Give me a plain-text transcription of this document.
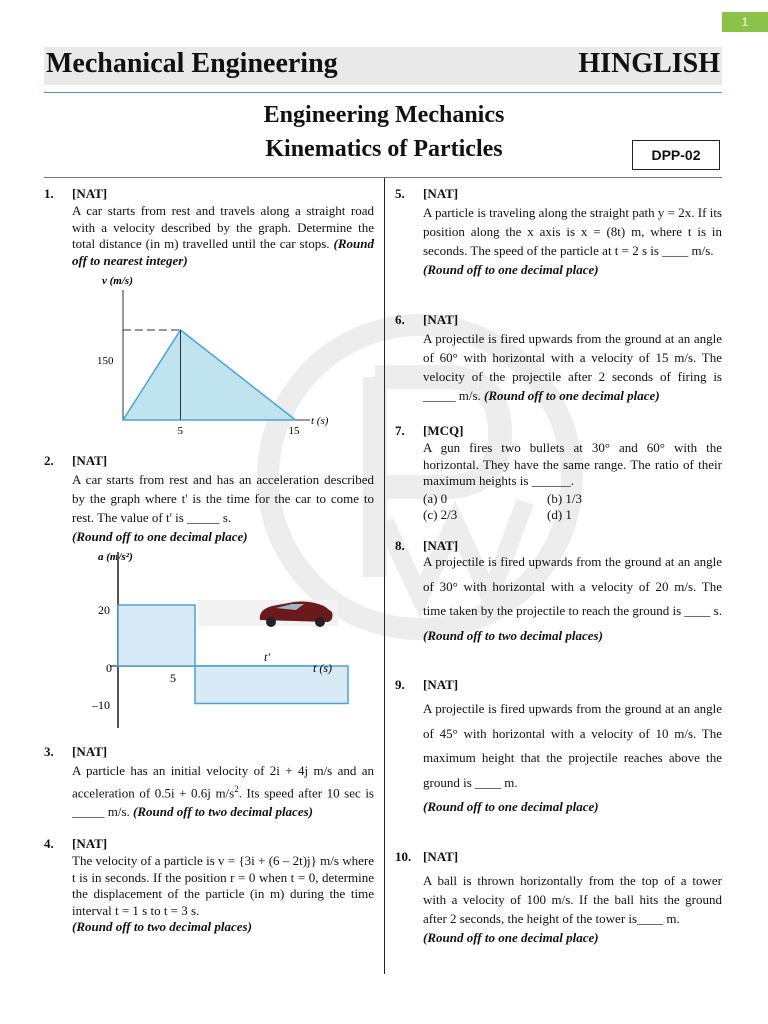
1
Mechanical Engineering	HINGLISH
Engineering Mechanics
Kinematics of Particles	DPP-02
1. [NAT]
A car starts from rest and travels along a straight road with a velocity described by the graph. Determine the total distance (in m) travelled until the car stops. (Round off to nearest integer)
v (m/s)
150
5	15
t (s)
2. [NAT]
A car starts from rest and has an acceleration described by the graph where t' is the time for the car to come to rest. The value of t' is _____ s.
(Round off to one decimal place)
a (m/s²)
20
0
–10
5
t'
t (s)
3. [NAT]
A particle has an initial velocity of 2i + 4j m/s and an acceleration of 0.5i + 0.6j $m/s^2$. Its speed after 10 sec is _____ m/s. (Round off to two decimal places)
4. [NAT]
The velocity of a particle is v = {3i + (6 – 2t)j} m/s where t is in seconds. If the position r = 0 when t = 0, determine the displacement of the particle (in m) during the time interval t = 1 s to t = 3 s.
(Round off to two decimal places)
5. [NAT]
A particle is traveling along the straight path y = 2x. If its position along the x axis is x = (8t) m, where t is in seconds. The speed of the particle at t = 2 s is ____ m/s.
(Round off to one decimal place)
6. [NAT]
A projectile is fired upwards from the ground at an angle of 60° with horizontal with a velocity of 15 m/s. The velocity of the projectile after 2 seconds of firing is _____ m/s. (Round off to one decimal place)
7. [MCQ]
A gun fires two bullets at 30° and 60° with the horizontal. They have the same range. The ratio of their maximum heights is ______.
(a) 0	(b) 1/3
(c) 2/3	(d) 1
8. [NAT]
A projectile is fired upwards from the ground at an angle of 30° with horizontal with a velocity of 20 m/s. The time taken by the projectile to reach the ground is ____ s. (Round off to two decimal places)
9. [NAT]
A projectile is fired upwards from the ground at an angle of 45° with horizontal with a velocity of 10 m/s. The maximum height that the projectile reaches above the ground is ____ m.
(Round off to one decimal place)
10. [NAT]
A ball is thrown horizontally from the top of a tower with a velocity of 100 m/s. If the ball hits the ground after 2 seconds, the height of the tower is____ m.
(Round off to one decimal place)
